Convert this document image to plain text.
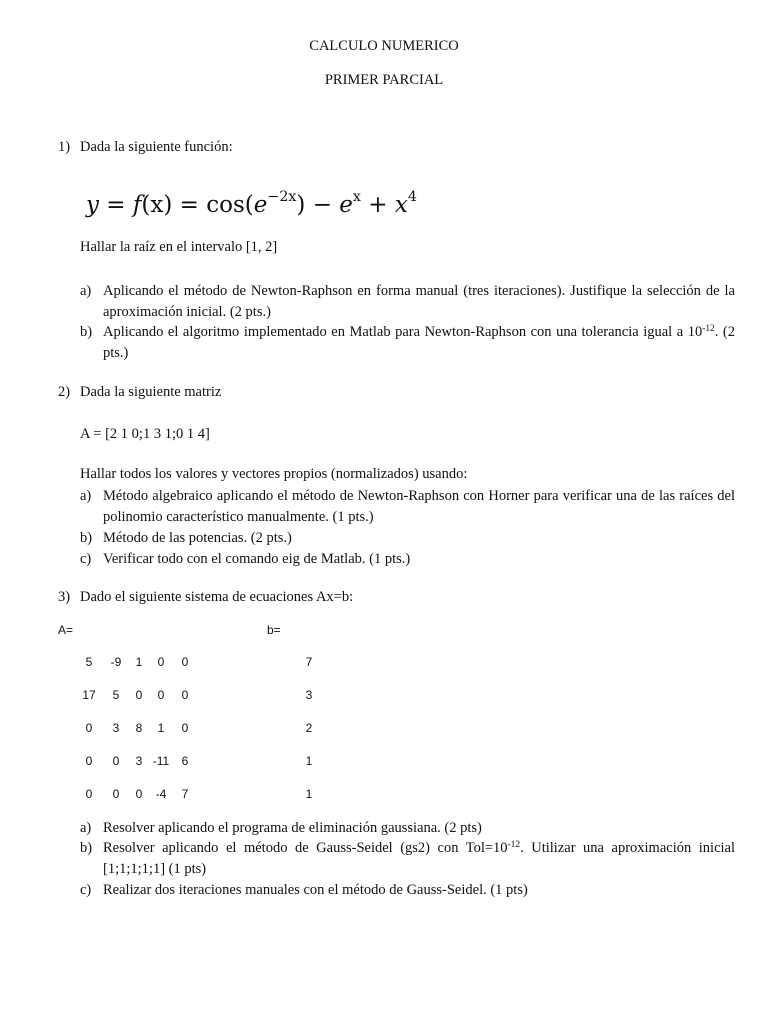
CALCULO NUMERICO
PRIMER PARCIAL
1) Dada la siguiente función:
$y = f(x) = \cos(e^{-2x}) - e^x + x^4$
Hallar la raíz en el intervalo [1, 2]
a) Aplicando el método de Newton-Raphson en forma manual (tres iteraciones). Justifique la selección de la aproximación inicial. (2 pts.)
b) Aplicando el algoritmo implementado en Matlab para Newton-Raphson con una tolerancia igual a $10^{-12}$. (2 pts.)
2) Dada la siguiente matriz
A = [2 1 0;1 3 1;0 1 4]
Hallar todos los valores y vectores propios (normalizados) usando:
a) Método algebraico aplicando el método de Newton-Raphson con Horner para verificar una de las raíces del polinomio característico manualmente. (1 pts.)
b) Método de las potencias. (2 pts.)
c) Verificar todo con el comando eig de Matlab. (1 pts.)
3) Dado el siguiente sistema de ecuaciones Ax=b:
A=	b=
5	-9	1	0	0
17	5	0	0	0
0	3	8	1	0
0	0	3 -11	6
0	0	0	-4	7
7
3
2
1
1
a) Resolver aplicando el programa de eliminación gaussiana. (2 pts)
b) Resolver aplicando el método de Gauss-Seidel (gs2) con $Tol=10^{-12}$. Utilizar una aproximación inicial [1;1;1;1;1] (1 pts)
c) Realizar dos iteraciones manuales con el método de Gauss-Seidel. (1 pts)
